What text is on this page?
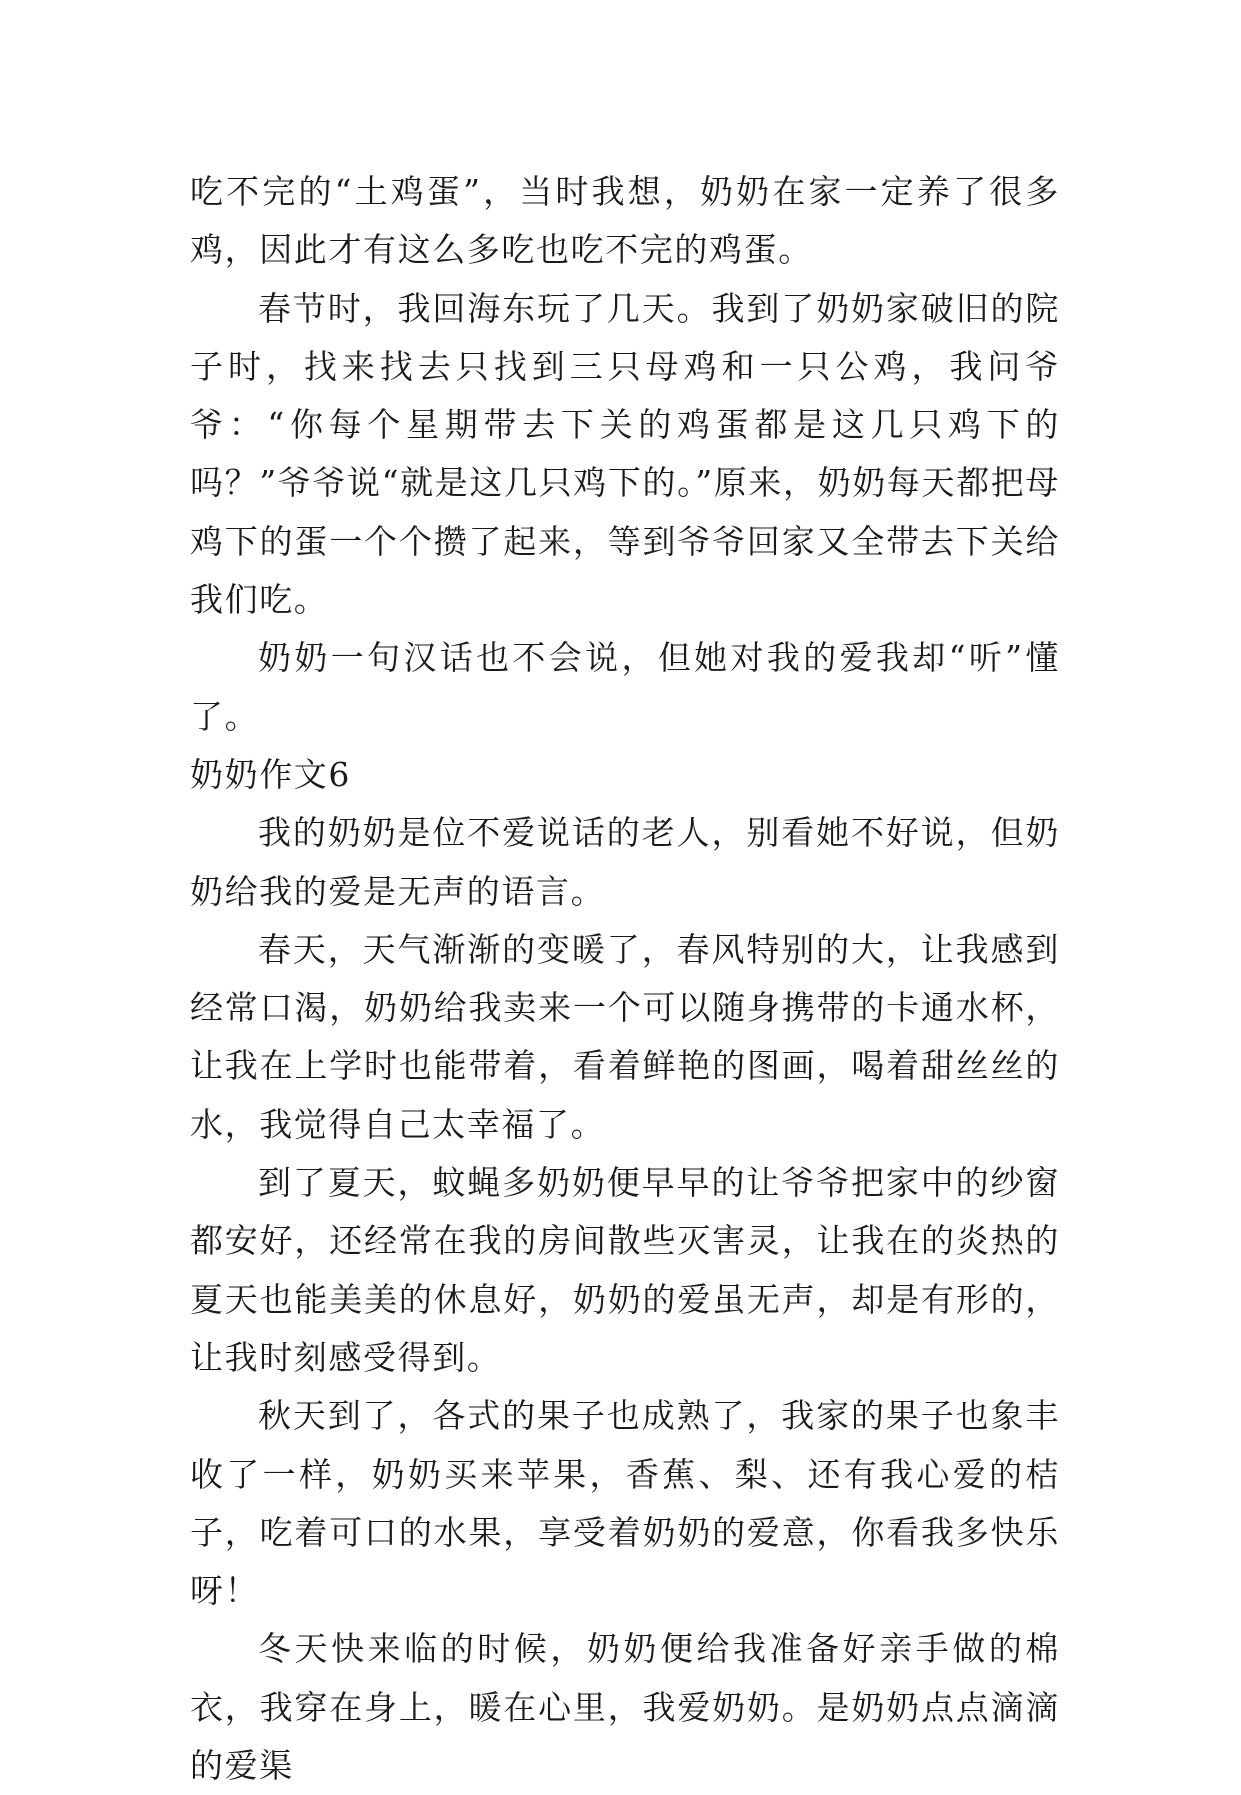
吃不完的“土鸡蛋”，当时我想，奶奶在家一定养了很多鸡，因此才有这么多吃也吃不完的鸡蛋。

春节时，我回海东玩了几天。我到了奶奶家破旧的院子时，找来找去只找到三只母鸡和一只公鸡，我问爷爷：“你每个星期带去下关的鸡蛋都是这几只鸡下的吗？”爷爷说“就是这几只鸡下的。”原来，奶奶每天都把母鸡下的蛋一个个攒了起来，等到爷爷回家又全带去下关给我们吃。

奶奶一句汉话也不会说，但她对我的爱我却“听”懂了。

奶奶作文6

我的奶奶是位不爱说话的老人，别看她不好说，但奶奶给我的爱是无声的语言。

春天，天气渐渐的变暖了，春风特别的大，让我感到经常口渴，奶奶给我卖来一个可以随身携带的卡通水杯，让我在上学时也能带着，看着鲜艳的图画，喝着甜丝丝的水，我觉得自己太幸福了。

到了夏天，蚊蝇多奶奶便早早的让爷爷把家中的纱窗都安好，还经常在我的房间散些灭害灵，让我在的炎热的夏天也能美美的休息好，奶奶的爱虽无声，却是有形的，让我时刻感受得到。

秋天到了，各式的果子也成熟了，我家的果子也象丰收了一样，奶奶买来苹果，香蕉、梨、还有我心爱的桔子，吃着可口的水果，享受着奶奶的爱意，你看我多快乐呀！

冬天快来临的时候，奶奶便给我准备好亲手做的棉衣，我穿在身上，暖在心里，我爱奶奶。是奶奶点点滴滴的爱渠
